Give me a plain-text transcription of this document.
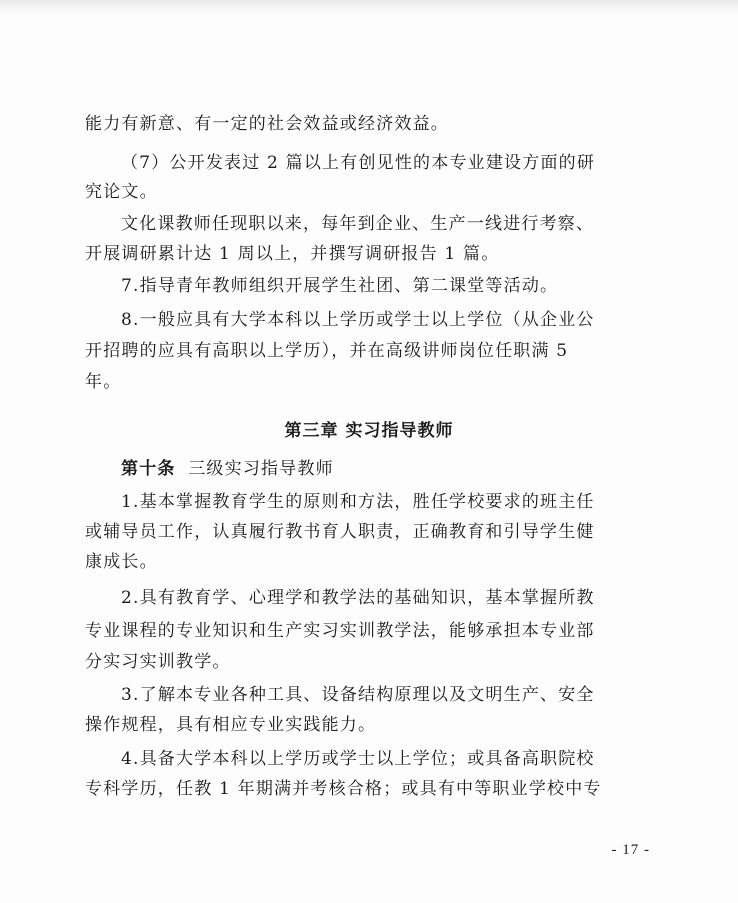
能力有新意、有一定的社会效益或经济效益。
（7）公开发表过 2 篇以上有创见性的本专业建设方面的研
究论文。
文化课教师任现职以来，每年到企业、生产一线进行考察、
开展调研累计达 1 周以上，并撰写调研报告 1 篇。
7.指导青年教师组织开展学生社团、第二课堂等活动。
8.一般应具有大学本科以上学历或学士以上学位（从企业公
开招聘的应具有高职以上学历），并在高级讲师岗位任职满 5
年。
第十条 三级实习指导教师
1.基本掌握教育学生的原则和方法，胜任学校要求的班主任
或辅导员工作，认真履行教书育人职责，正确教育和引导学生健
康成长。
2.具有教育学、心理学和教学法的基础知识，基本掌握所教
专业课程的专业知识和生产实习实训教学法，能够承担本专业部
分实习实训教学。
3.了解本专业各种工具、设备结构原理以及文明生产、安全
操作规程，具有相应专业实践能力。
4.具备大学本科以上学历或学士以上学位；或具备高职院校
专科学历，任教 1 年期满并考核合格；或具有中等职业学校中专
第三章 实习指导教师
- 17 -
